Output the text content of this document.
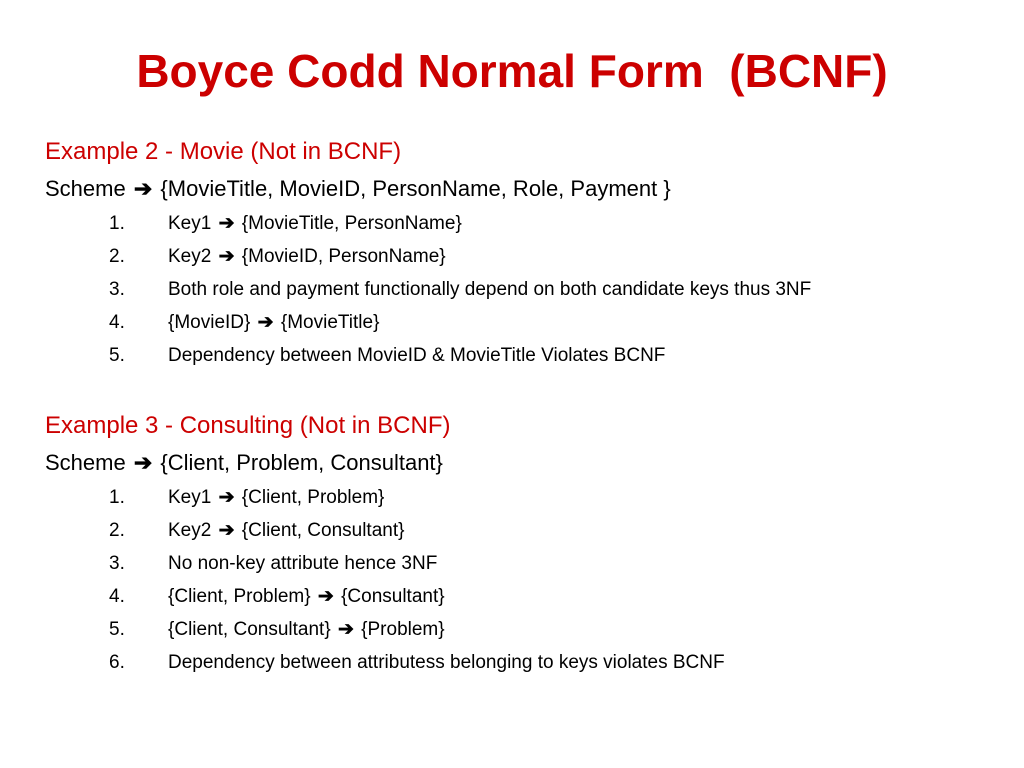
Boyce Codd Normal Form  (BCNF)
Example 2 - Movie (Not in BCNF)
Scheme ➔ {MovieTitle, MovieID, PersonName, Role, Payment }
1. Key1 ➔ {MovieTitle, PersonName}
2. Key2 ➔ {MovieID, PersonName}
3. Both role and payment functionally depend on both candidate keys thus 3NF
4. {MovieID} ➔ {MovieTitle}
5. Dependency between MovieID & MovieTitle Violates BCNF
Example 3 - Consulting (Not in BCNF)
Scheme ➔ {Client, Problem, Consultant}
1. Key1 ➔ {Client, Problem}
2. Key2 ➔ {Client, Consultant}
3. No non-key attribute hence 3NF
4. {Client, Problem} ➔ {Consultant}
5. {Client, Consultant} ➔ {Problem}
6. Dependency between attributess belonging to keys violates BCNF
